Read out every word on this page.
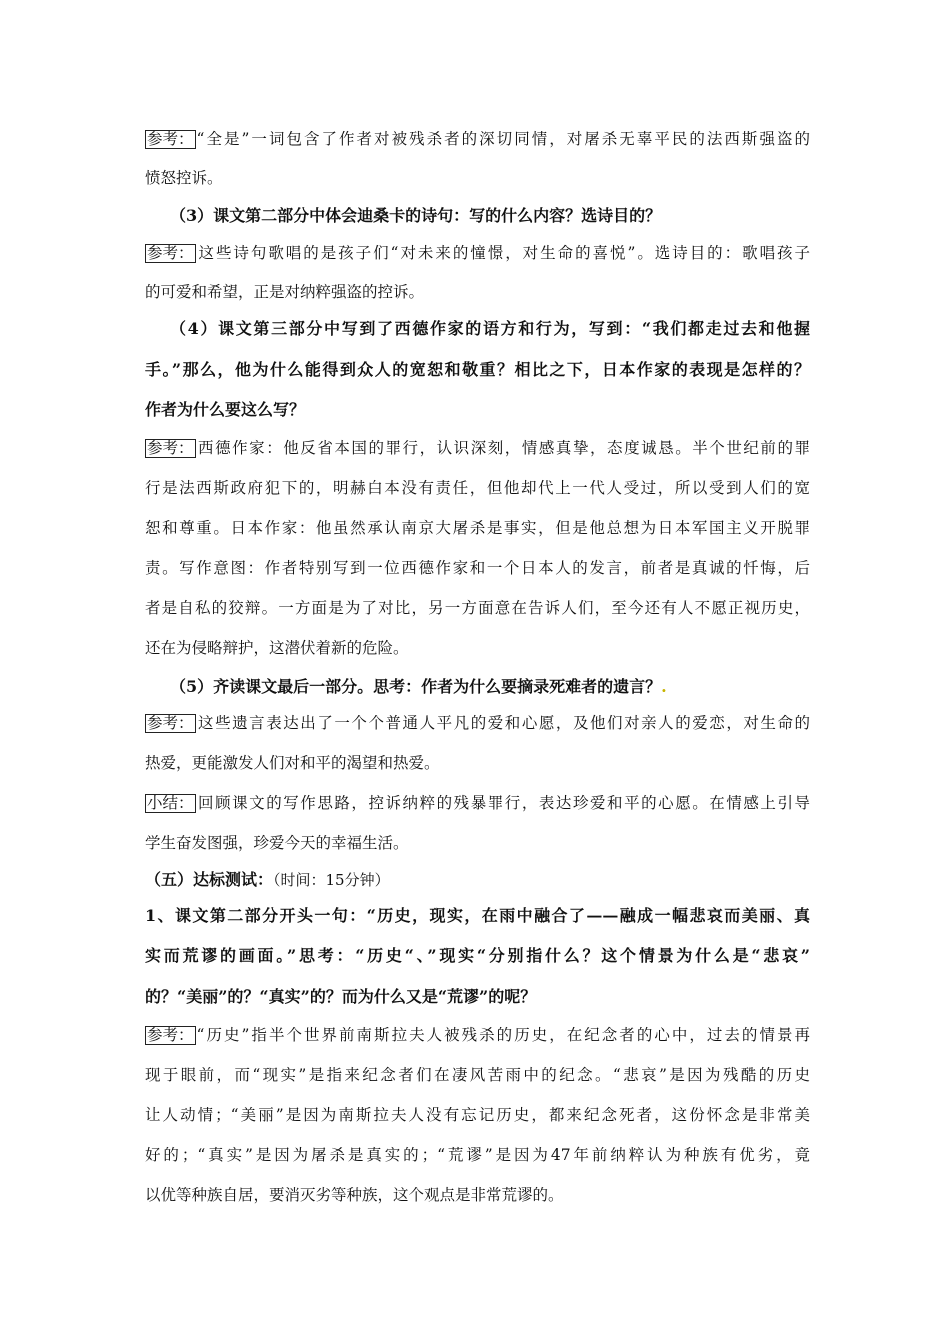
参考： “全是”一词包含了作者对被残杀者的深切同情，对屠杀无辜平民的法西斯强盗的
愤怒控诉。
（3）课文第二部分中体会迪桑卡的诗句：写的什么内容？选诗目的？
参考： 这些诗句歌唱的是孩子们“对未来的憧憬，对生命的喜悦”。选诗目的：歌唱孩子
的可爱和希望，正是对纳粹强盗的控诉。
（4）课文第三部分中写到了西德作家的语方和行为，写到：“我们都走过去和他握
手。”那么，他为什么能得到众人的宽恕和敬重？相比之下，日本作家的表现是怎样的？
作者为什么要这么写？
参考： 西德作家：他反省本国的罪行，认识深刻，情感真挚，态度诚恳。半个世纪前的罪
行是法西斯政府犯下的，明赫白本没有责任，但他却代上一代人受过，所以受到人们的宽
恕和尊重。日本作家：他虽然承认南京大屠杀是事实，但是他总想为日本军国主义开脱罪
责。写作意图：作者特别写到一位西德作家和一个日本人的发言，前者是真诚的忏悔，后
者是自私的狡辩。一方面是为了对比，另一方面意在告诉人们，至今还有人不愿正视历史，
还在为侵略辩护，这潜伏着新的危险。
（5）齐读课文最后一部分。思考：作者为什么要摘录死难者的遗言？.
参考： 这些遗言表达出了一个个普通人平凡的爱和心愿，及他们对亲人的爱恋，对生命的
热爱，更能激发人们对和平的渴望和热爱。
小结： 回顾课文的写作思路，控诉纳粹的残暴罪行，表达珍爱和平的心愿。在情感上引导
学生奋发图强，珍爱今天的幸福生活。
（五）达标测试：（时间：15分钟）
1、课文第二部分开头一句：“历史，现实，在雨中融合了——融成一幅悲哀而美丽、真
实而荒谬的画面。”思考：“历史“、”现实“分别指什么？这个情景为什么是“悲哀”
的？“美丽”的？“真实”的？而为什么又是“荒谬”的呢？
参考： “历史”指半个世界前南斯拉夫人被残杀的历史，在纪念者的心中，过去的情景再
现于眼前，而“现实”是指来纪念者们在凄风苦雨中的纪念。“悲哀”是因为残酷的历史
让人动情；“美丽”是因为南斯拉夫人没有忘记历史，都来纪念死者，这份怀念是非常美
好的；“真实”是因为屠杀是真实的；“荒谬”是因为47年前纳粹认为种族有优劣，竟
以优等种族自居，要消灭劣等种族，这个观点是非常荒谬的。
